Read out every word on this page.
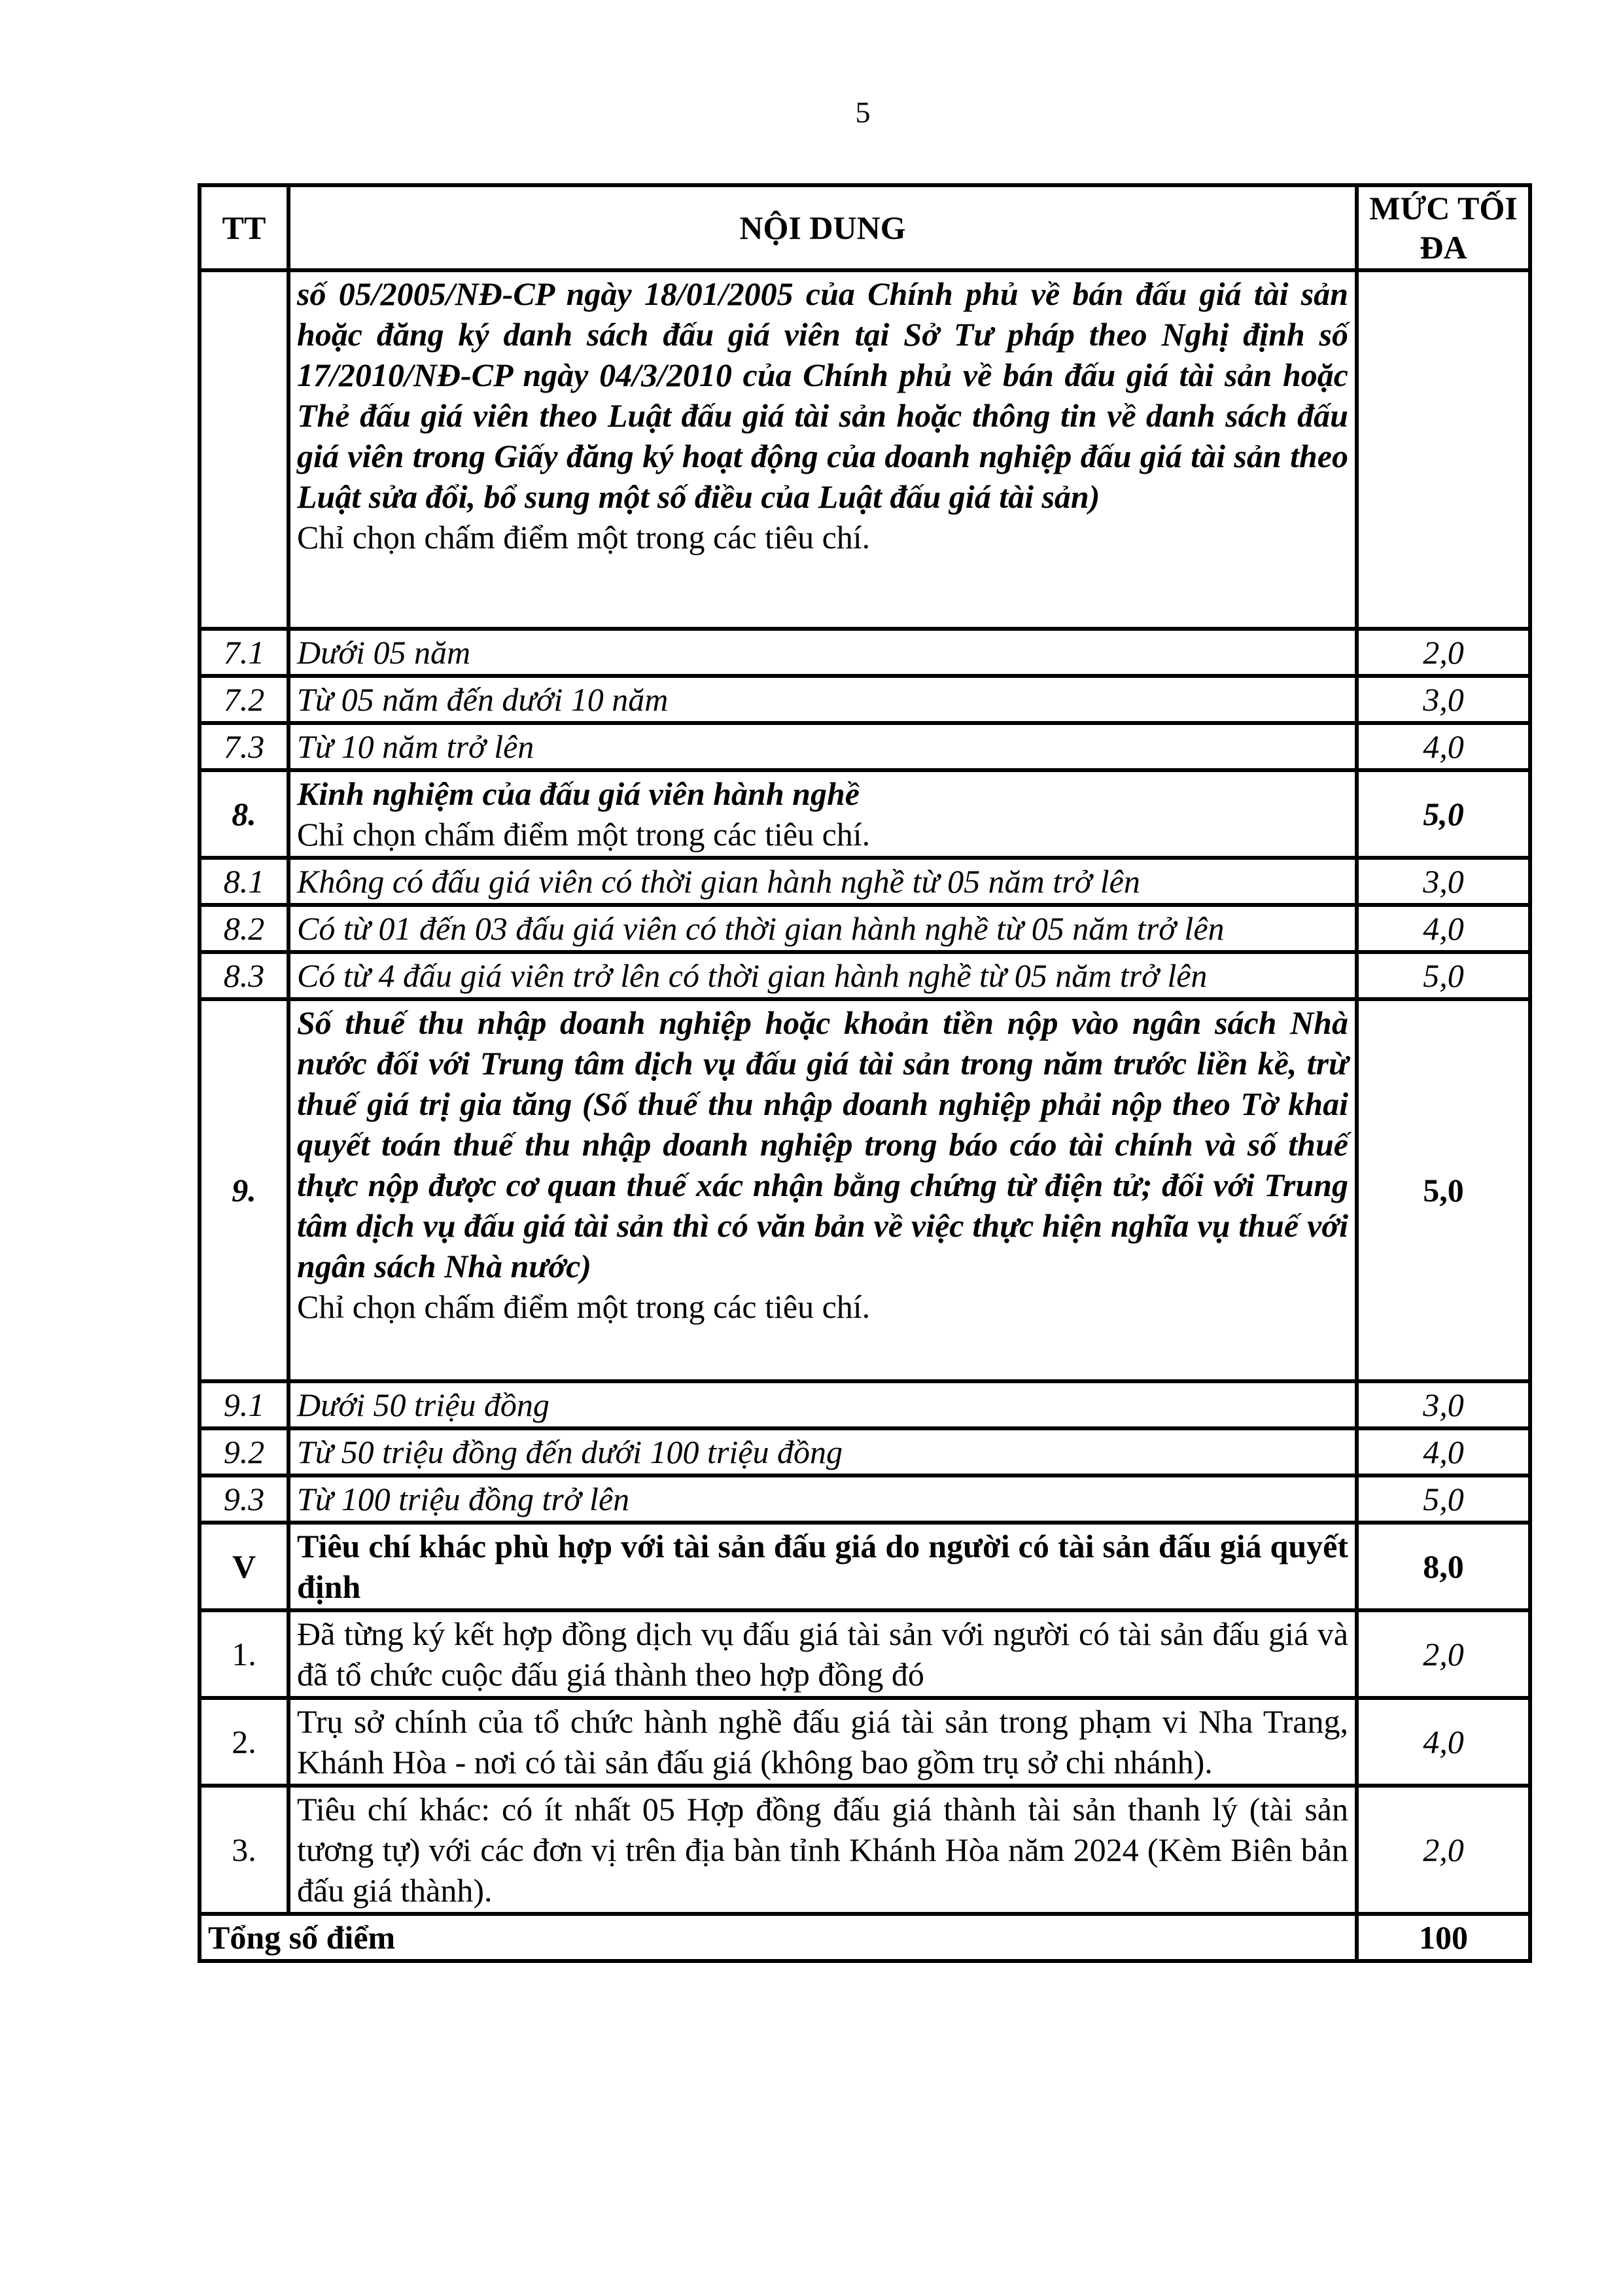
5
TT	NỘI DUNG	MỨC TỐI ĐA

	số 05/2005/NĐ-CP ngày 18/01/2005 của Chính phủ về bán đấu giá tài sản hoặc đăng ký danh sách đấu giá viên tại Sở Tư pháp theo Nghị định số 17/2010/NĐ-CP ngày 04/3/2010 của Chính phủ về bán đấu giá tài sản hoặc Thẻ đấu giá viên theo Luật đấu giá tài sản hoặc thông tin về danh sách đấu giá viên trong Giấy đăng ký hoạt động của doanh nghiệp đấu giá tài sản theo Luật sửa đổi, bổ sung một số điều của Luật đấu giá tài sản)
Chỉ chọn chấm điểm một trong các tiêu chí.	

7.1	Dưới 05 năm	2,0
7.2	Từ 05 năm đến dưới 10 năm	3,0
7.3	Từ 10 năm trở lên	4,0
8.	Kinh nghiệm của đấu giá viên hành nghề
Chỉ chọn chấm điểm một trong các tiêu chí.	5,0
8.1	Không có đấu giá viên có thời gian hành nghề từ 05 năm trở lên	3,0
8.2	Có từ 01 đến 03 đấu giá viên có thời gian hành nghề từ 05 năm trở lên	4,0
8.3	Có từ 4 đấu giá viên trở lên có thời gian hành nghề từ 05 năm trở lên	5,0
9.	Số thuế thu nhập doanh nghiệp hoặc khoản tiền nộp vào ngân sách Nhà nước đối với Trung tâm dịch vụ đấu giá tài sản trong năm trước liền kề, trừ thuế giá trị gia tăng (Số thuế thu nhập doanh nghiệp phải nộp theo Tờ khai quyết toán thuế thu nhập doanh nghiệp trong báo cáo tài chính và số thuế thực nộp được cơ quan thuế xác nhận bằng chứng từ điện tử; đối với Trung tâm dịch vụ đấu giá tài sản thì có văn bản về việc thực hiện nghĩa vụ thuế với ngân sách Nhà nước)
Chỉ chọn chấm điểm một trong các tiêu chí.	5,0
9.1	Dưới 50 triệu đồng	3,0
9.2	Từ 50 triệu đồng đến dưới 100 triệu đồng	4,0
9.3	Từ 100 triệu đồng trở lên	5,0
V	Tiêu chí khác phù hợp với tài sản đấu giá do người có tài sản đấu giá quyết định	8,0
1.	Đã từng ký kết hợp đồng dịch vụ đấu giá tài sản với người có tài sản đấu giá và đã tổ chức cuộc đấu giá thành theo hợp đồng đó	2,0
2.	Trụ sở chính của tổ chức hành nghề đấu giá tài sản trong phạm vi Nha Trang, Khánh Hòa - nơi có tài sản đấu giá (không bao gồm trụ sở chi nhánh).	4,0
3.	Tiêu chí khác: có ít nhất 05 Hợp đồng đấu giá thành tài sản thanh lý (tài sản tương tự) với các đơn vị trên địa bàn tỉnh Khánh Hòa năm 2024 (Kèm Biên bản đấu giá thành).	2,0
Tổng số điểm		100
